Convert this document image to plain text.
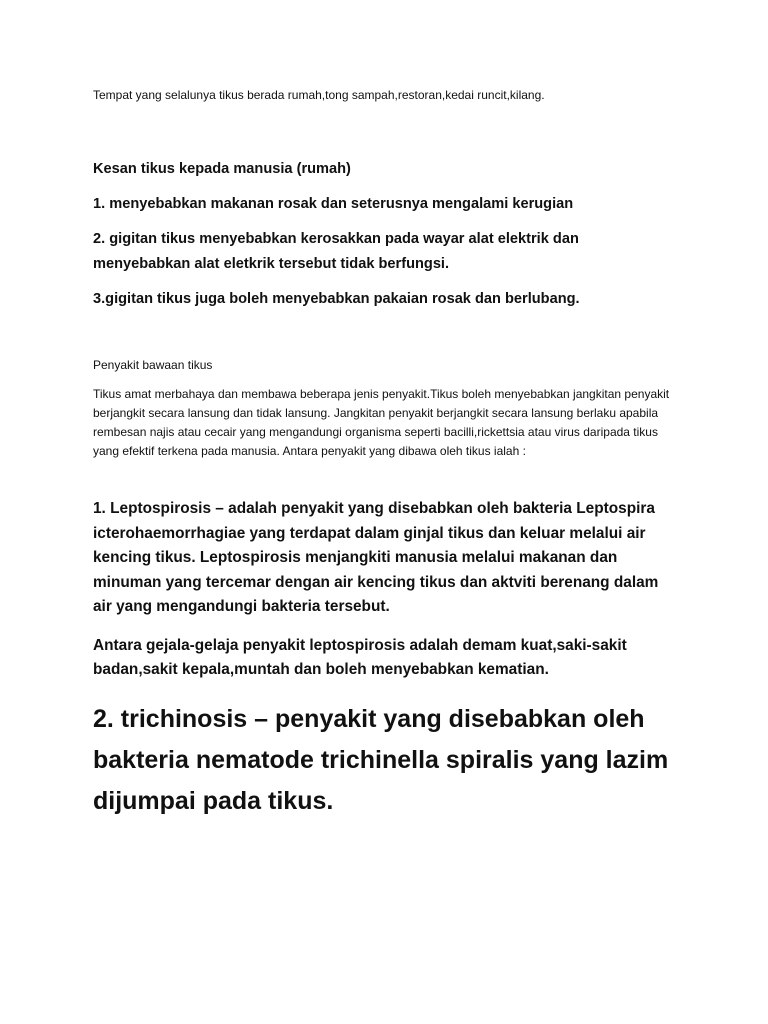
Tempat yang selalunya tikus berada rumah,tong sampah,restoran,kedai runcit,kilang.

Kesan tikus kepada manusia (rumah)

1. menyebabkan makanan rosak dan seterusnya mengalami kerugian

2. gigitan tikus menyebabkan kerosakkan pada wayar alat elektrik dan menyebabkan alat eletkrik tersebut tidak berfungsi.

3.gigitan tikus juga boleh menyebabkan pakaian rosak dan berlubang.

Penyakit bawaan tikus

Tikus amat merbahaya dan membawa beberapa jenis penyakit.Tikus boleh menyebabkan jangkitan penyakit berjangkit secara lansung dan tidak lansung. Jangkitan penyakit berjangkit secara lansung berlaku apabila rembesan najis atau cecair yang mengandungi organisma seperti bacilli,rickettsia atau virus daripada tikus yang efektif terkena pada manusia. Antara penyakit yang dibawa oleh tikus ialah :

1. Leptospirosis – adalah penyakit yang disebabkan oleh bakteria Leptospira icterohaemorrhagiae yang terdapat dalam ginjal tikus dan keluar melalui air kencing tikus. Leptospirosis menjangkiti manusia melalui makanan dan minuman yang tercemar dengan air kencing tikus dan aktviti berenang dalam air yang mengandungi bakteria tersebut.

Antara gejala-gelaja penyakit leptospirosis adalah demam kuat,saki-sakit badan,sakit kepala,muntah dan boleh menyebabkan kematian.

2. trichinosis – penyakit yang disebabkan oleh bakteria nematode trichinella spiralis yang lazim dijumpai pada tikus.
